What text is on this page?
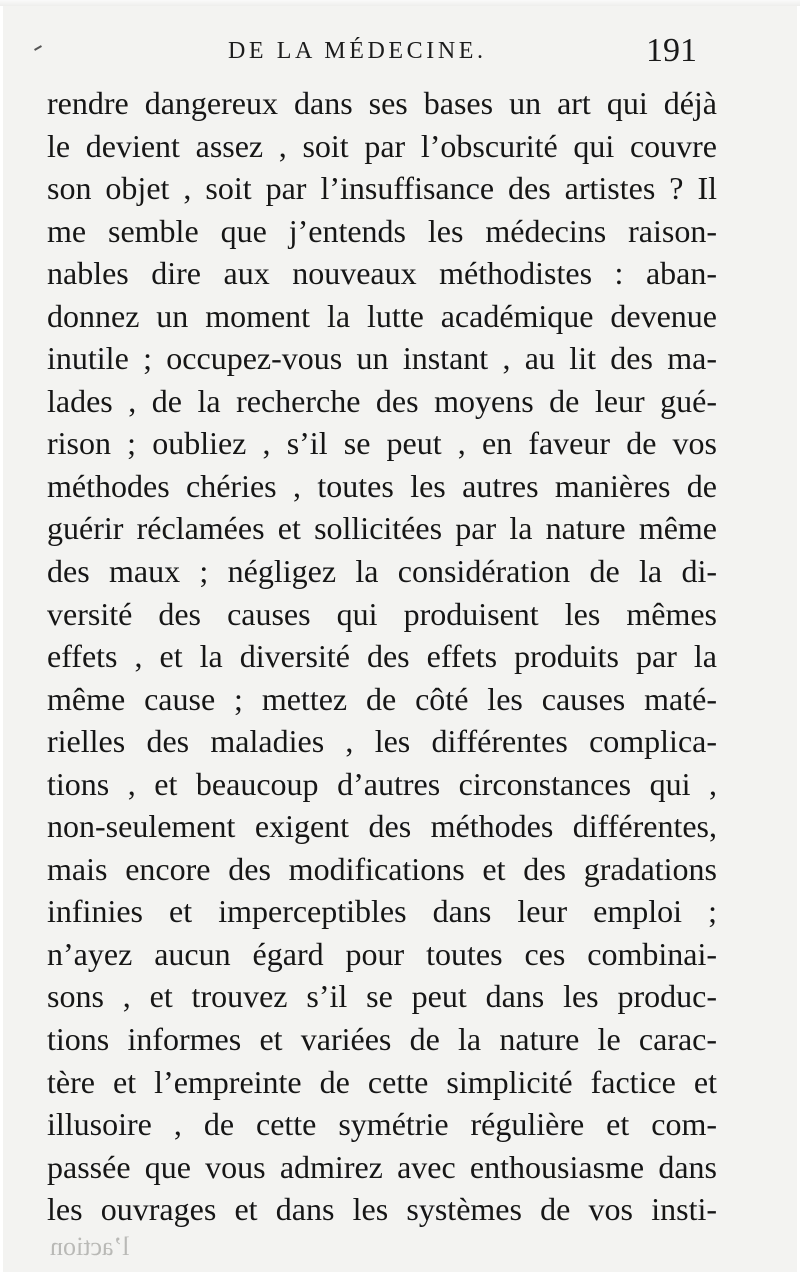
DE LA MÉDECINE.	191
rendre dangereux dans ses bases un art qui déjà
le devient assez , soit par l’obscurité qui couvre
son objet , soit par l’insuffisance des artistes ? Il
me semble que j’entends les médecins raison-
nables dire aux nouveaux méthodistes : aban-
donnez un moment la lutte académique devenue
inutile ; occupez-vous un instant , au lit des ma-
lades , de la recherche des moyens de leur gué-
rison ; oubliez , s’il se peut , en faveur de vos
méthodes chéries , toutes les autres manières de
guérir réclamées et sollicitées par la nature même
des maux ; négligez la considération de la di-
versité des causes qui produisent les mêmes
effets , et la diversité des effets produits par la
même cause ; mettez de côté les causes maté-
rielles des maladies , les différentes complica-
tions , et beaucoup d’autres circonstances qui ,
non-seulement exigent des méthodes différentes,
mais encore des modifications et des gradations
infinies et imperceptibles dans leur emploi ;
n’ayez aucun égard pour toutes ces combinai-
sons , et trouvez s’il se peut dans les produc-
tions informes et variées de la nature le carac-
tère et l’empreinte de cette simplicité factice et
illusoire , de cette symétrie régulière et com-
passée que vous admirez avec enthousiasme dans
les ouvrages et dans les systèmes de vos insti-
l’action
